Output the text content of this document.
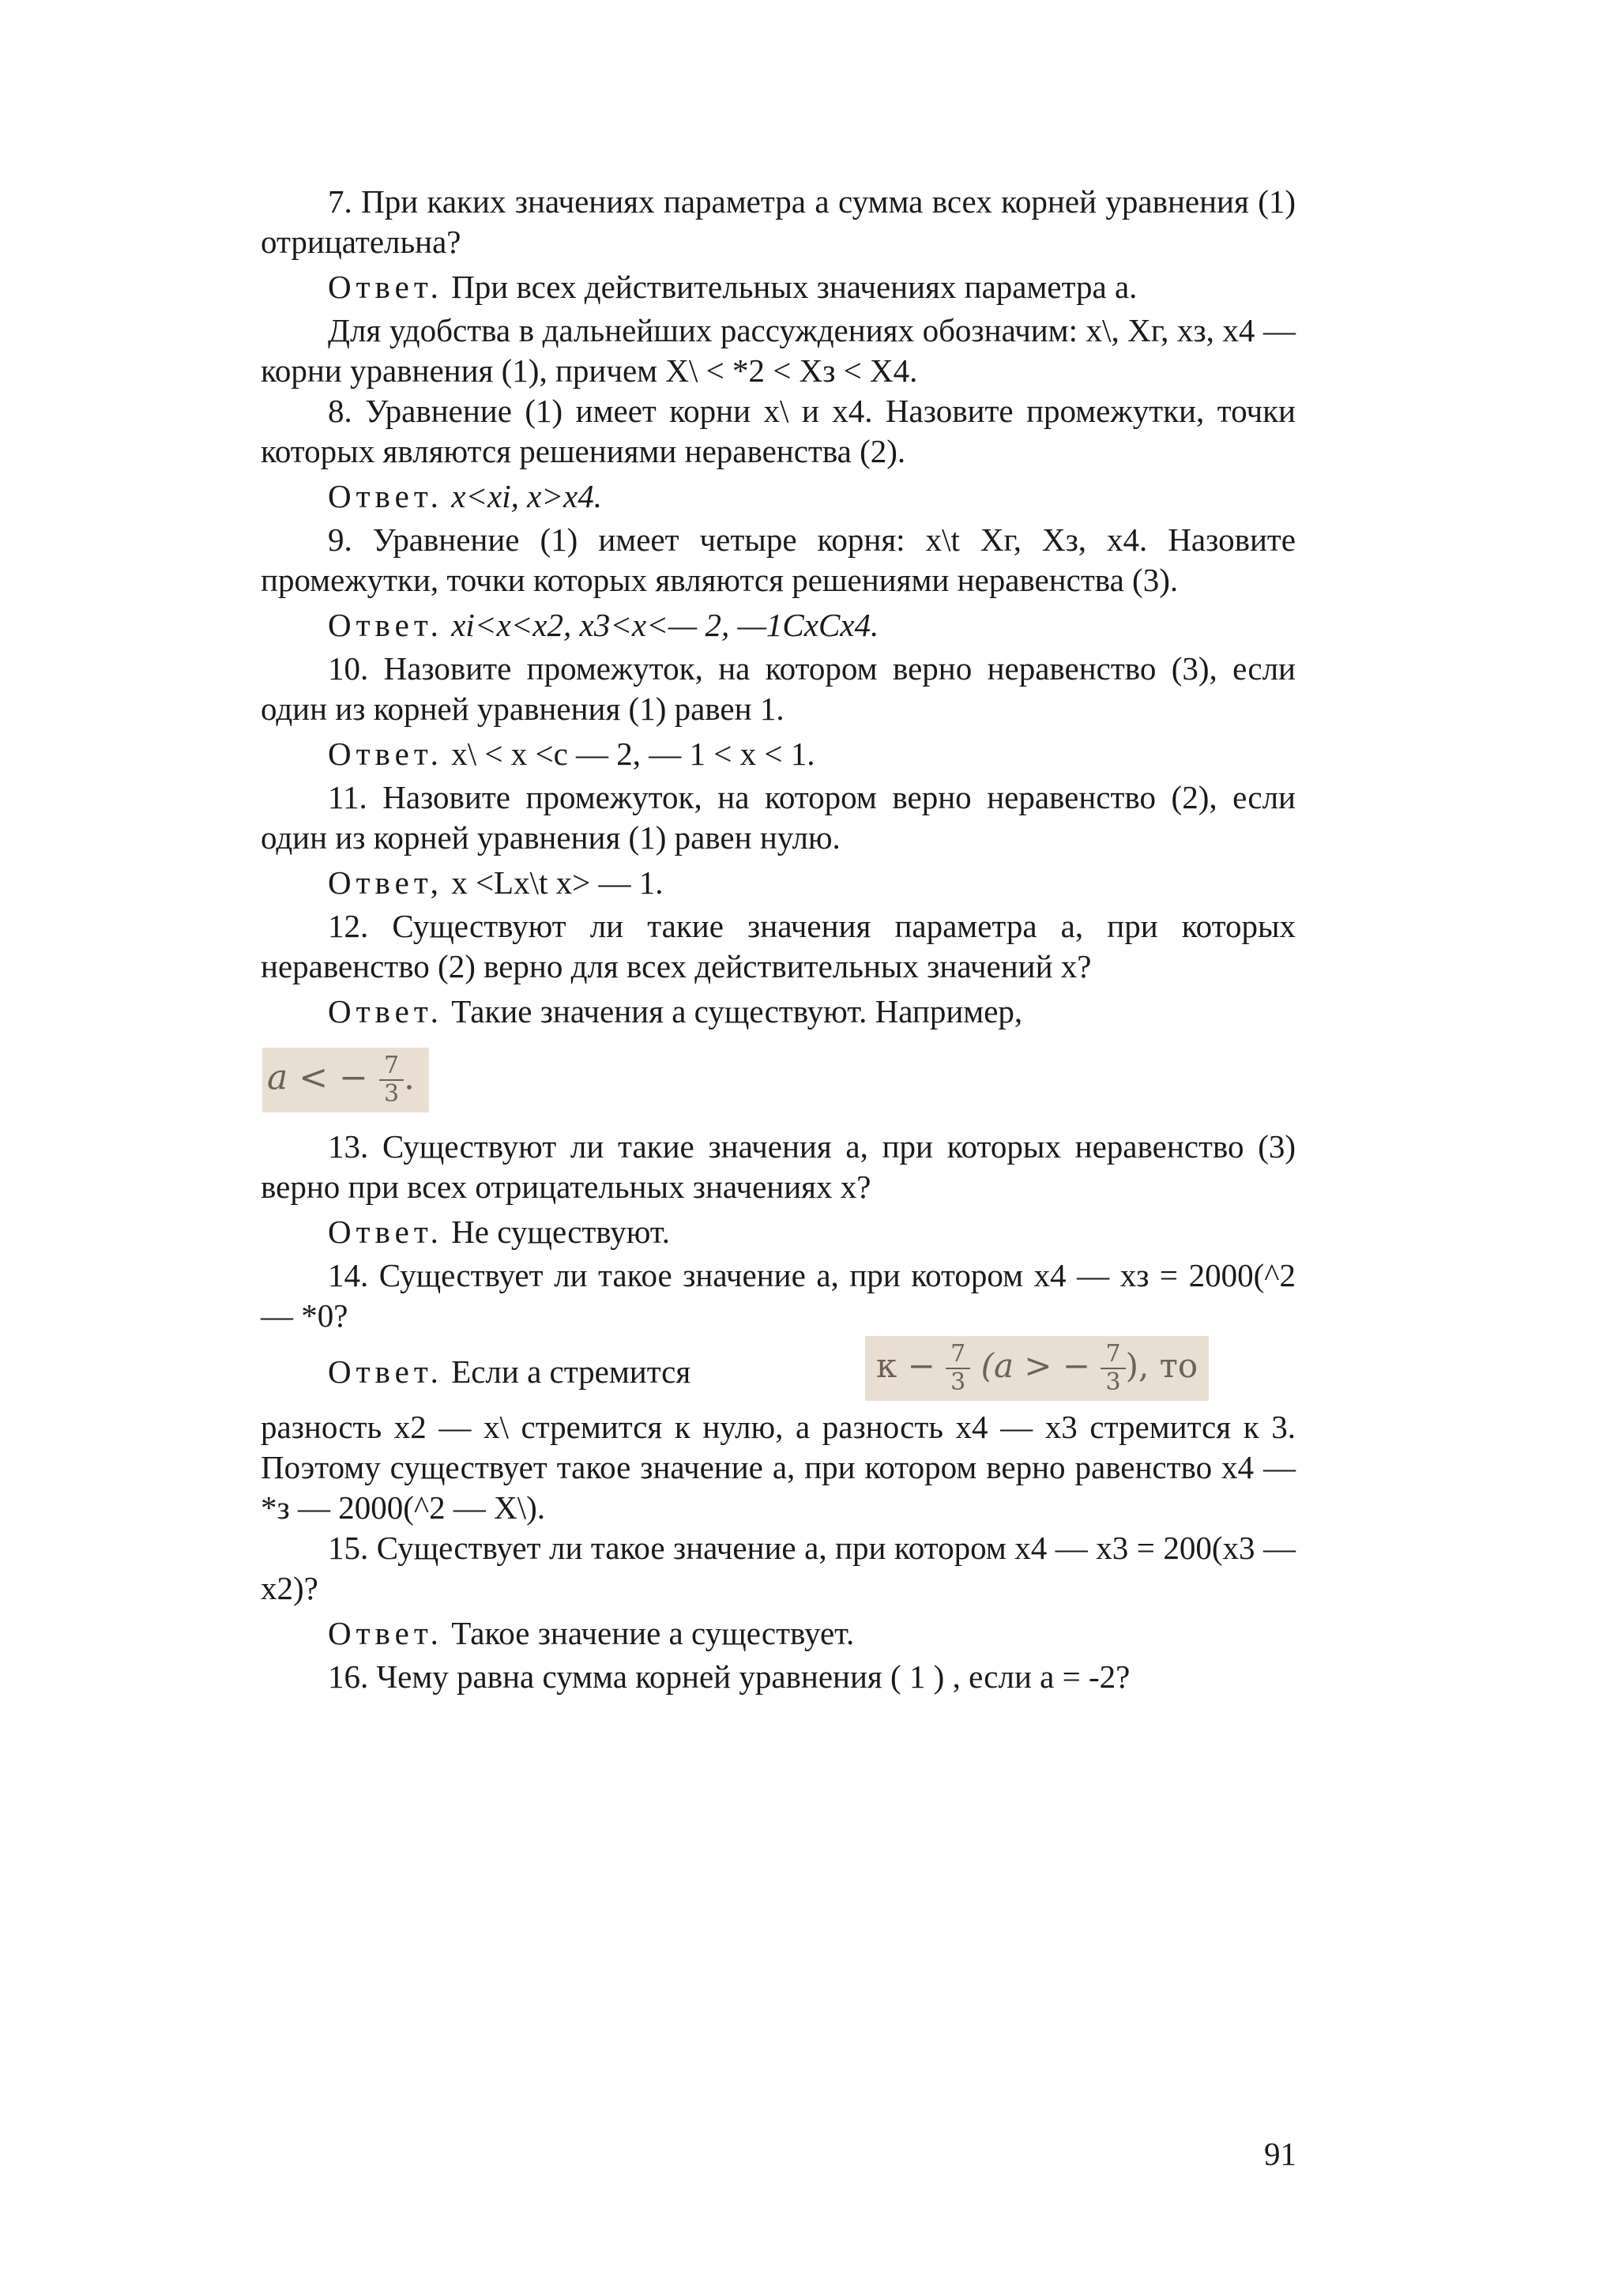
7. При каких значениях параметра a сумма всех корней уравнения (1) отрицательна?

Ответ. При всех действительных значениях параметра а.

Для удобства в дальнейших рассуждениях обозначим: x\, Xг, xз, x4 — корни уравнения (1), причем X\ < *2 < Xз < X4.

8. Уравнение (1) имеет корни x\ и x4. Назовите промежутки, точки которых являются решениями неравенства (2).

Ответ. x<xi, x>x4.

9. Уравнение (1) имеет четыре корня: x\t Xг, Xз, x4. Назовите промежутки, точки которых являются решениями неравенства (3).

Ответ. xi<x<x2, x3<x<— 2, —1CxCx4.

10. Назовите промежуток, на котором верно неравенство (3), если один из корней уравнения (1) равен 1.

Ответ. x\ < x <c — 2, — 1 < x < 1.

11. Назовите промежуток, на котором верно неравенство (2), если один из корней уравнения (1) равен нулю.

Ответ, x <Lx\t x> — 1.

12. Существуют ли такие значения параметра а, при которых неравенство (2) верно для всех действительных значений x?

Ответ. Такие значения а существуют. Например,

a < − $\frac{7}{3}$ .

13. Существуют ли такие значения а, при которых неравенство (3) верно при всех отрицательных значениях x?

Ответ. Не существуют.

14. Существует ли такое значение а, при котором x4 — xз = 2000(^2 — *0?

Ответ. Если а стремится	$к - \frac{7}{3} (a$ > − $\frac{7}{3}$ ), то

разность x2 — x\ стремится к нулю, а разность x4 — x3 стремится к 3. Поэтому существует такое значение а, при котором верно равенство x4 — *з — 2000(^2 — X\).

15. Существует ли такое значение а, при котором x4 — x3 = 200(x3 — x2)?

Ответ. Такое значение а существует.

16. Чему равна сумма корней уравнения ( 1 ) , если a = -2?

91
